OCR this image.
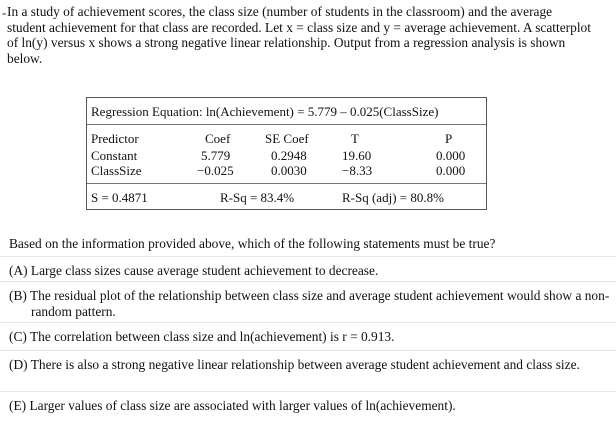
- In a study of achievement scores, the class size (number of students in the classroom) and the average student achievement for that class are recorded. Let x = class size and y = average achievement. A scatterplot of ln(y) versus x shows a strong negative linear relationship. Output from a regression analysis is shown below.
Regression Equation: ln(Achievement) = 5.779 – 0.025(ClassSize)
Predictor	Coef	SE Coef	T	P
Constant	5.779	0.2948	19.60	0.000
ClassSize	−0.025	0.0030	−8.33	0.000
S = 0.4871	R-Sq = 83.4%	R-Sq (adj) = 80.8%
Based on the information provided above, which of the following statements must be true?
(A) Large class sizes cause average student achievement to decrease.
(B) The residual plot of the relationship between class size and average student achievement would show a non-random pattern.
(C) The correlation between class size and ln(achievement) is r = 0.913.
(D) There is also a strong negative linear relationship between average student achievement and class size.
(E) Larger values of class size are associated with larger values of ln(achievement).
